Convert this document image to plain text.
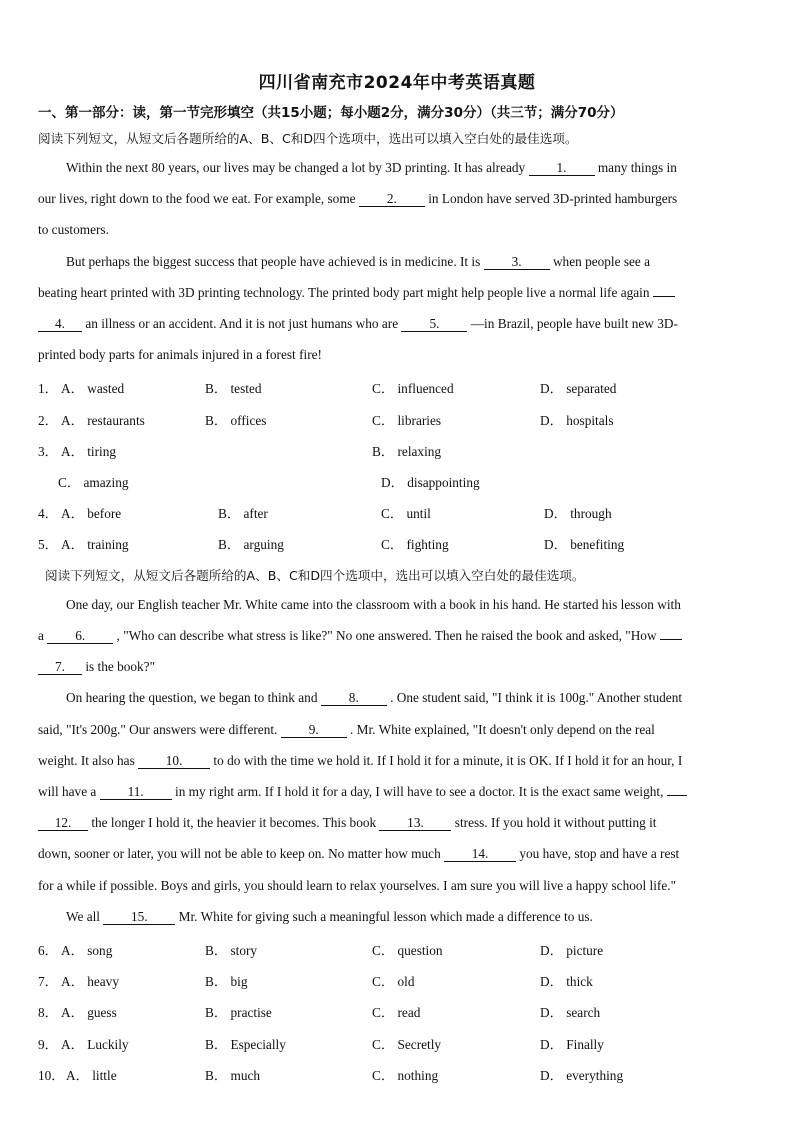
四川省南充市2024年中考英语真题
一、第一部分：读，第一节完形填空（共15小题；每小题2分，满分30分）（共三节；满分70分）
阅读下列短文，从短文后各题所给的A、B、C和D四个选项中，选出可以填入空白处的最佳选项。
Within the next 80 years, our lives may be changed a lot by 3D printing. It has already 1. many things in
our lives, right down to the food we eat. For example, some 2. in London have served 3D-printed hamburgers
to customers.
But perhaps the biggest success that people have achieved is in medicine. It is 3. when people see a
beating heart printed with 3D printing technology. The printed body part might help people live a normal life again
4. an illness or an accident. And it is not just humans who are 5. —in Brazil, people have built new 3D-
printed body parts for animals injured in a forest fire!
1． A． wasted	B． tested	C． influenced	D． separated
2． A． restaurants	B． offices	C． libraries	D． hospitals
3． A． tiring	B． relaxing
C． amazing	D． disappointing
4． A． before	B． after	C． until	D． through
5． A． training	B． arguing	C． fighting	D． benefiting
阅读下列短文，从短文后各题所给的A、B、C和D四个选项中，选出可以填入空白处的最佳选项。
One day, our English teacher Mr. White came into the classroom with a book in his hand. He started his lesson with
a 6. , "Who can describe what stress is like?" No one answered. Then he raised the book and asked, "How
7. is the book?"
On hearing the question, we began to think and 8. . One student said, "I think it is 100g." Another student
said, "It's 200g." Our answers were different. 9. . Mr. White explained, "It doesn't only depend on the real
weight. It also has 10. to do with the time we hold it. If I hold it for a minute, it is OK. If I hold it for an hour, I
will have a 11. in my right arm. If I hold it for a day, I will have to see a doctor. It is the exact same weight,
12. the longer I hold it, the heavier it becomes. This book 13. stress. If you hold it without putting it
down, sooner or later, you will not be able to keep on. No matter how much 14. you have, stop and have a rest
for a while if possible. Boys and girls, you should learn to relax yourselves. I am sure you will live a happy school life."
We all 15. Mr. White for giving such a meaningful lesson which made a difference to us.
6． A． song	B． story	C． question	D． picture
7． A． heavy	B． big	C． old	D． thick
8． A． guess	B． practise	C． read	D． search
9． A． Luckily	B． Especially	C． Secretly	D． Finally
10． A． little	B． much	C． nothing	D． everything
